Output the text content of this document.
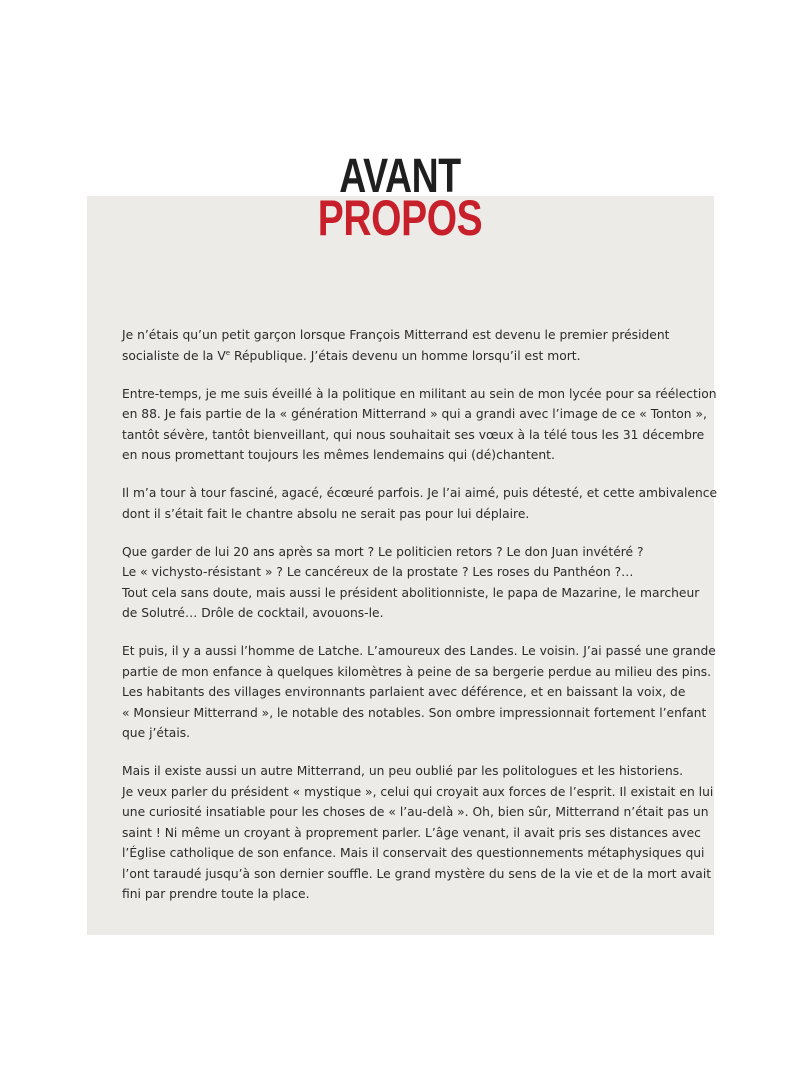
AVANT
PROPOS

Je n’étais qu’un petit garçon lorsque François Mitterrand est devenu le premier président
socialiste de la Ve République. J’étais devenu un homme lorsqu’il est mort.

Entre-temps, je me suis éveillé à la politique en militant au sein de mon lycée pour sa réélection
en 88. Je fais partie de la « génération Mitterrand » qui a grandi avec l’image de ce « Tonton »,
tantôt sévère, tantôt bienveillant, qui nous souhaitait ses vœux à la télé tous les 31 décembre
en nous promettant toujours les mêmes lendemains qui (dé)chantent.

Il m’a tour à tour fasciné, agacé, écœuré parfois. Je l’ai aimé, puis détesté, et cette ambivalence
dont il s’était fait le chantre absolu ne serait pas pour lui déplaire.

Que garder de lui 20 ans après sa mort ? Le politicien retors ? Le don Juan invétéré ?
Le « vichysto-résistant » ? Le cancéreux de la prostate ? Les roses du Panthéon ?…
Tout cela sans doute, mais aussi le président abolitionniste, le papa de Mazarine, le marcheur
de Solutré… Drôle de cocktail, avouons-le.

Et puis, il y a aussi l’homme de Latche. L’amoureux des Landes. Le voisin. J’ai passé une grande
partie de mon enfance à quelques kilomètres à peine de sa bergerie perdue au milieu des pins.
Les habitants des villages environnants parlaient avec déférence, et en baissant la voix, de
« Monsieur Mitterrand », le notable des notables. Son ombre impressionnait fortement l’enfant
que j’étais.

Mais il existe aussi un autre Mitterrand, un peu oublié par les politologues et les historiens.
Je veux parler du président « mystique », celui qui croyait aux forces de l’esprit. Il existait en lui
une curiosité insatiable pour les choses de « l’au-delà ». Oh, bien sûr, Mitterrand n’était pas un
saint ! Ni même un croyant à proprement parler. L’âge venant, il avait pris ses distances avec
l’Église catholique de son enfance. Mais il conservait des questionnements métaphysiques qui
l’ont taraudé jusqu’à son dernier souffle. Le grand mystère du sens de la vie et de la mort avait
fini par prendre toute la place.
